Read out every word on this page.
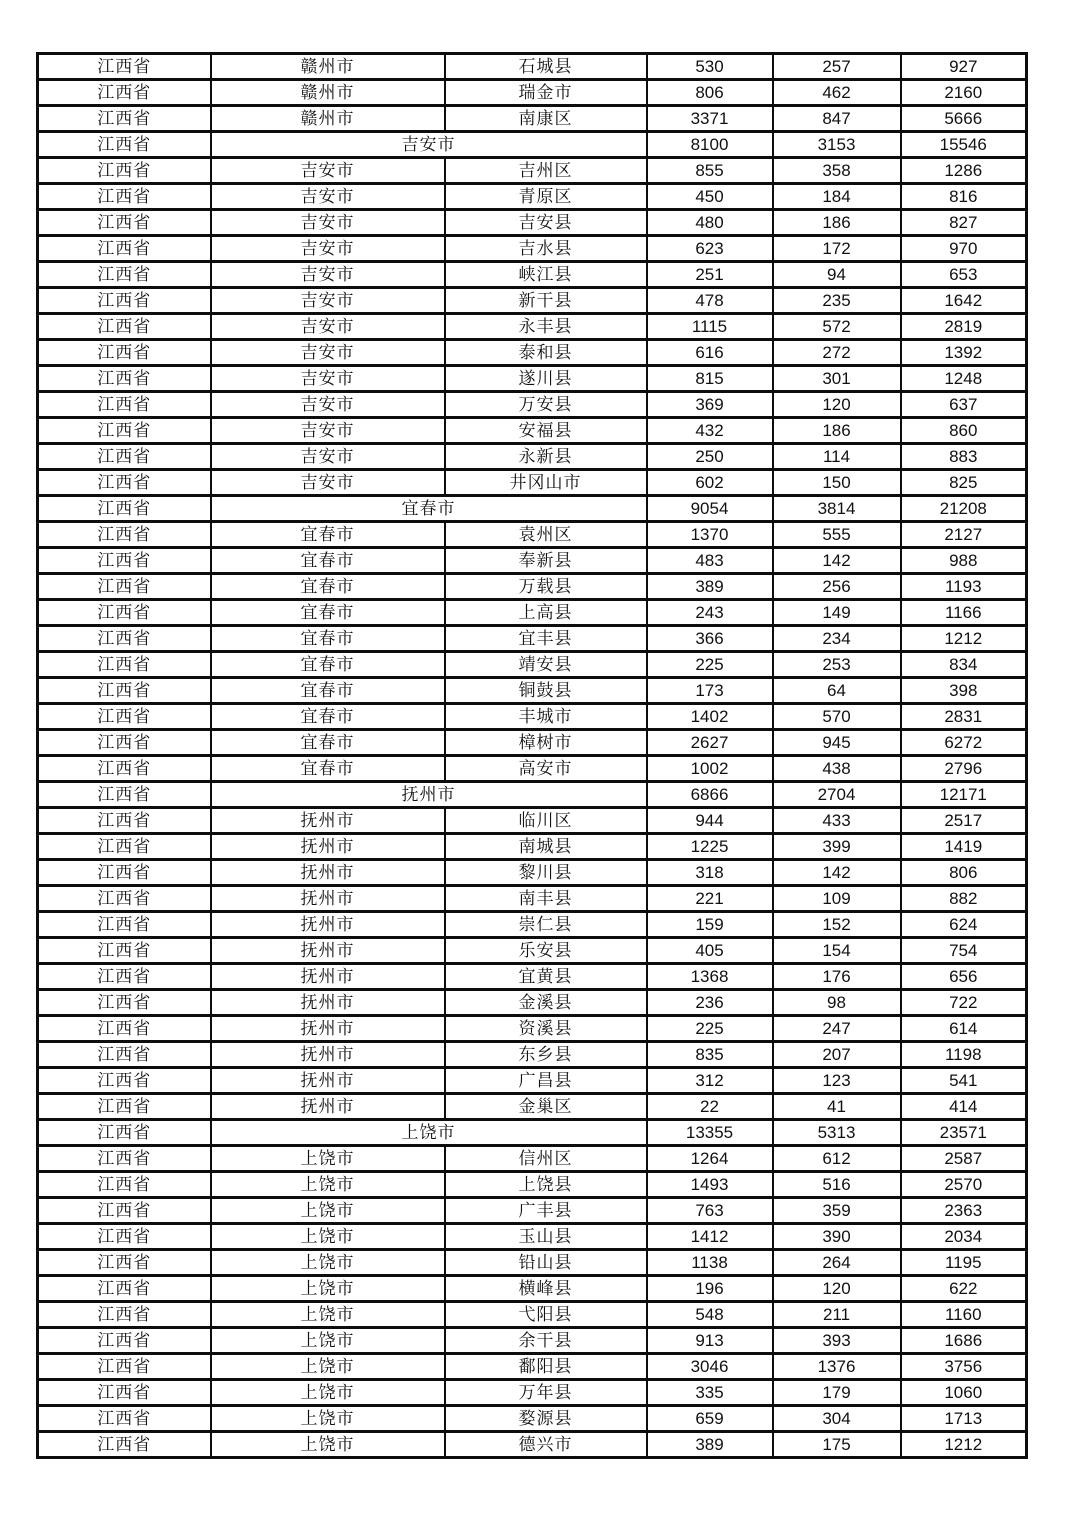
江西省	赣州市	石城县	530	257	927
江西省	赣州市	瑞金市	806	462	2160
江西省	赣州市	南康区	3371	847	5666
江西省	吉安市		8100	3153	15546
江西省	吉安市	吉州区	855	358	1286
江西省	吉安市	青原区	450	184	816
江西省	吉安市	吉安县	480	186	827
江西省	吉安市	吉水县	623	172	970
江西省	吉安市	峡江县	251	94	653
江西省	吉安市	新干县	478	235	1642
江西省	吉安市	永丰县	1115	572	2819
江西省	吉安市	泰和县	616	272	1392
江西省	吉安市	遂川县	815	301	1248
江西省	吉安市	万安县	369	120	637
江西省	吉安市	安福县	432	186	860
江西省	吉安市	永新县	250	114	883
江西省	吉安市	井冈山市	602	150	825
江西省	宜春市		9054	3814	21208
江西省	宜春市	袁州区	1370	555	2127
江西省	宜春市	奉新县	483	142	988
江西省	宜春市	万载县	389	256	1193
江西省	宜春市	上高县	243	149	1166
江西省	宜春市	宜丰县	366	234	1212
江西省	宜春市	靖安县	225	253	834
江西省	宜春市	铜鼓县	173	64	398
江西省	宜春市	丰城市	1402	570	2831
江西省	宜春市	樟树市	2627	945	6272
江西省	宜春市	高安市	1002	438	2796
江西省	抚州市		6866	2704	12171
江西省	抚州市	临川区	944	433	2517
江西省	抚州市	南城县	1225	399	1419
江西省	抚州市	黎川县	318	142	806
江西省	抚州市	南丰县	221	109	882
江西省	抚州市	崇仁县	159	152	624
江西省	抚州市	乐安县	405	154	754
江西省	抚州市	宜黄县	1368	176	656
江西省	抚州市	金溪县	236	98	722
江西省	抚州市	资溪县	225	247	614
江西省	抚州市	东乡县	835	207	1198
江西省	抚州市	广昌县	312	123	541
江西省	抚州市	金巢区	22	41	414
江西省	上饶市		13355	5313	23571
江西省	上饶市	信州区	1264	612	2587
江西省	上饶市	上饶县	1493	516	2570
江西省	上饶市	广丰县	763	359	2363
江西省	上饶市	玉山县	1412	390	2034
江西省	上饶市	铅山县	1138	264	1195
江西省	上饶市	横峰县	196	120	622
江西省	上饶市	弋阳县	548	211	1160
江西省	上饶市	余干县	913	393	1686
江西省	上饶市	鄱阳县	3046	1376	3756
江西省	上饶市	万年县	335	179	1060
江西省	上饶市	婺源县	659	304	1713
江西省	上饶市	德兴市	389	175	1212
